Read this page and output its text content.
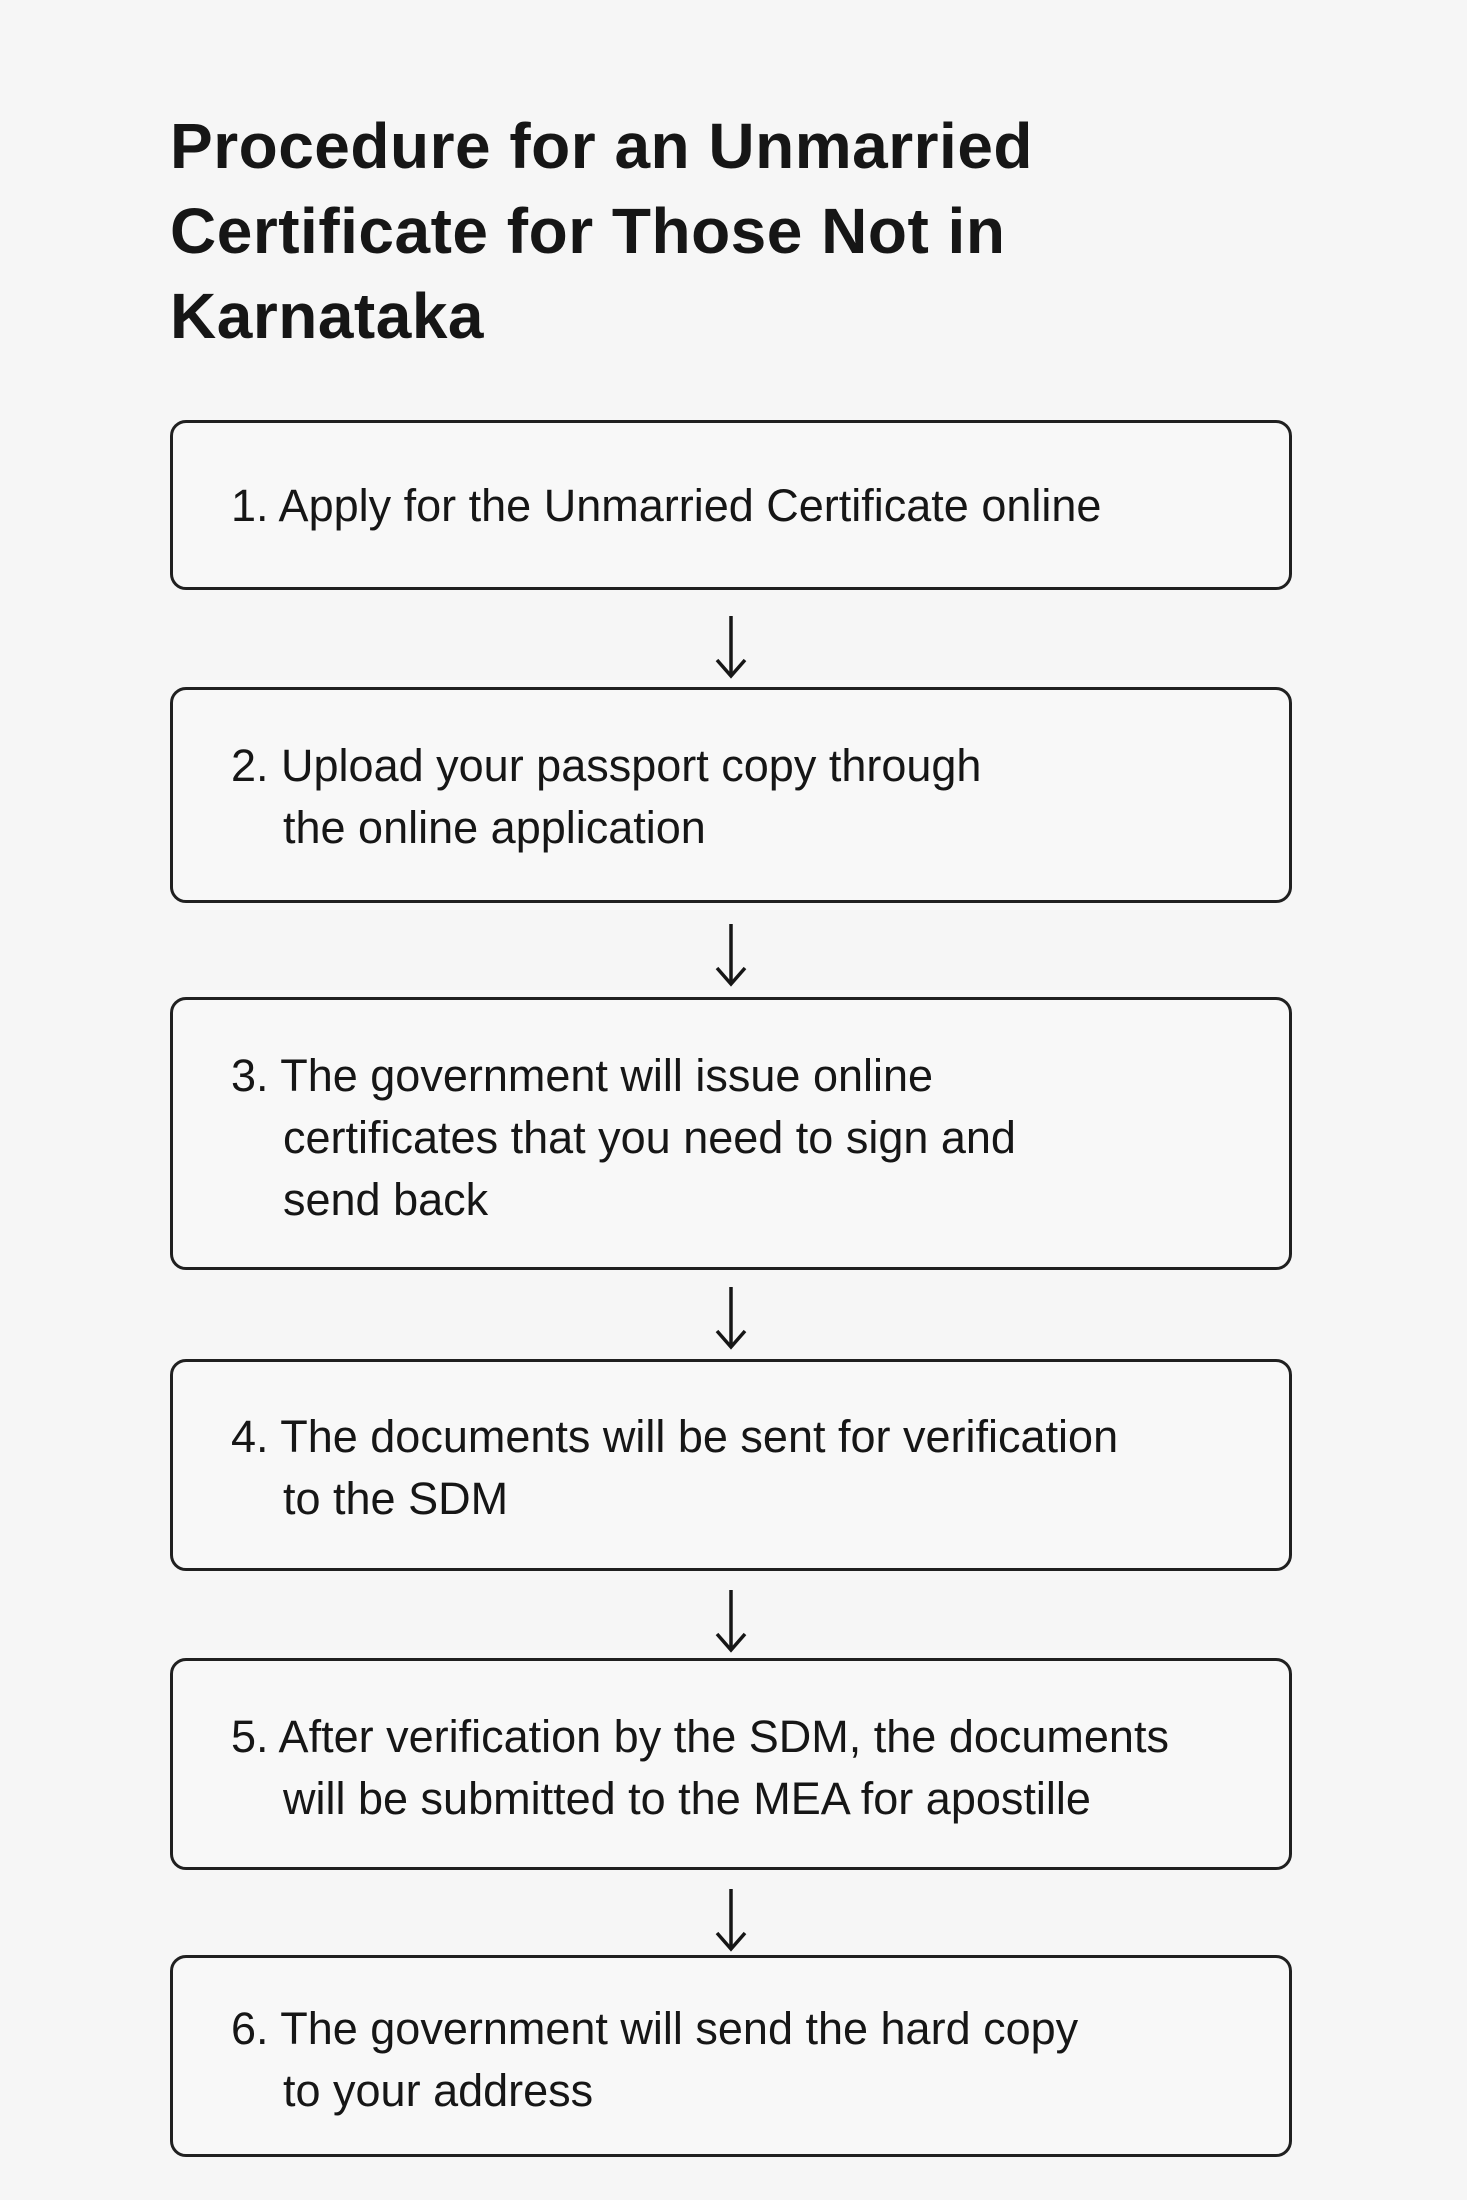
Procedure for an Unmarried
Certificate for Those Not in
Karnataka

1. Apply for the Unmarried Certificate online

2. Upload your passport copy through
the online application

3. The government will issue online
certificates that you need to sign and
send back

4. The documents will be sent for verification
to the SDM

5. After verification by the SDM, the documents
will be submitted to the MEA for apostille

6. The government will send the hard copy
to your address
